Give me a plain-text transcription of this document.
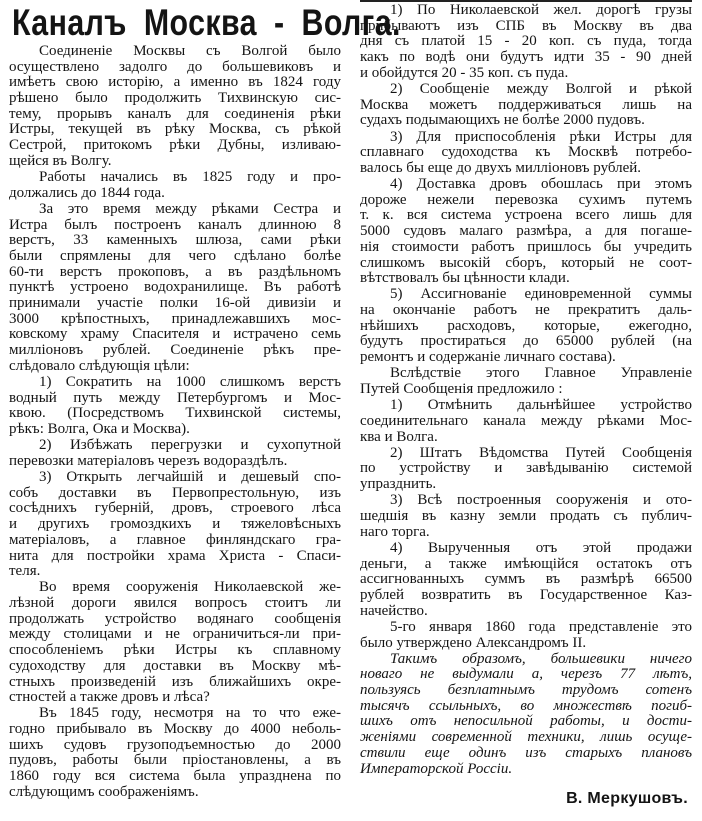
Каналъ Москва - Волга.
Соединеніе Москвы съ Волгой было
осуществлено задолго до большевиковъ и
имѣетъ свою исторію, а именно въ 1824 году
рѣшено было продолжить Тихвинскую сис-
тему, прорывъ каналъ для соединенія рѣки
Истры, текущей въ рѣку Москва, съ рѣкой
Сестрой, притокомъ рѣки Дубны, изливаю-
щейся въ Волгу.
Работы начались въ 1825 году и про-
должались до 1844 года.
За это время между рѣками Сестра и
Истра былъ построенъ каналъ длинною 8
верстъ, 33 каменныхъ шлюза, сами рѣки
были спрямлены для чего сдѣлано болѣе
60-ти верстъ прокоповъ, а въ раздѣльномъ
пунктѣ устроено водохранилище. Въ работѣ
принимали участіе полки 16-ой дивизіи и
3000 крѣпостныхъ, принадлежавшихъ мос-
ковскому храму Спасителя и истрачено семь
милліоновъ рублей. Соединеніе рѣкъ пре-
слѣдовало слѣдующія цѣли:
1) Сократить на 1000 слишкомъ верстъ
водный путь между Петербургомъ и Мос-
квою. (Посредствомъ Тихвинской системы,
рѣкъ: Волга, Ока и Москва).
2) Избѣжать перегрузки и сухопутной
перевозки матеріаловъ черезъ водораздѣлъ.
3) Открыть легчайшій и дешевый спо-
собъ доставки въ Первопрестольную, изъ
сосѣднихъ губерній, дровъ, строевого лѣса
и другихъ громоздкихъ и тяжеловѣсныхъ
матеріаловъ, а главное финляндскаго гра-
нита для постройки храма Христа - Спаси-
теля.
Во время сооруженія Николаевской же-
лѣзной дороги явился вопросъ стоитъ ли
продолжать устройство водянаго сообщенія
между столицами и не ограничиться-ли при-
способленіемъ рѣки Истры къ сплавному
судоходству для доставки въ Москву мѣ-
стныхъ произведеній изъ ближайшихъ окре-
стностей а также дровъ и лѣса?
Въ 1845 году, несмотря на то что еже-
годно прибывало въ Москву до 4000 неболь-
шихъ судовъ грузоподъемностью до 2000
пудовъ, работы были пріостановлены, а въ
1860 году вся система была упразднена по
слѣдующимъ соображеніямъ.
1) По Николаевской жел. дорогѣ грузы
прибываютъ изъ СПБ въ Москву въ два
дня съ платой 15 - 20 коп. съ пуда, тогда
какъ по водѣ они будутъ идти 35 - 90 дней
и обойдутся 20 - 35 коп. съ пуда.
2) Сообщеніе между Волгой и рѣкой
Москва можетъ поддерживаться лишь на
судахъ подымающихъ не болѣе 2000 пудовъ.
3) Для приспособленія рѣки Истры для
сплавнаго судоходства къ Москвѣ потребо-
валось бы еще до двухъ милліоновъ рублей.
4) Доставка дровъ обошлась при этомъ
дороже нежели перевозка сухимъ путемъ
т. к. вся система устроена всего лишь для
5000 судовъ малаго размѣра, а для погаше-
нія стоимости работъ пришлось бы учредить
слишкомъ высокій сборъ, который не соот-
вѣтствовалъ бы цѣнности клади.
5) Ассигнованіе единовременной суммы
на окончаніе работъ не прекратитъ даль-
нѣйшихъ расходовъ, которые, ежегодно,
будутъ простираться до 65000 рублей (на
ремонтъ и содержаніе личнаго состава).
Вслѣдствіе этого Главное Управленіе
Путей Сообщенія предложило :
1) Отмѣнить дальнѣйшее устройство
соединительнаго канала между рѣками Мос-
ква и Волга.
2) Штатъ Вѣдомства Путей Сообщенія
по устройству и завѣдыванію системой
упразднить.
3) Всѣ построенныя сооруженія и ото-
шедшія въ казну земли продать съ публич-
наго торга.
4) Вырученныя отъ этой продажи
деньги, а также имѣющійся остатокъ отъ
ассигнованныхъ суммъ въ размѣрѣ 66500
рублей возвратить въ Государственное Каз-
начейство.
5-го января 1860 года представленіе это
было утверждено Александромъ II.
Такимъ образомъ, большевики ничего
новаго не выдумали а, черезъ 77 лѣтъ,
пользуясь безплатнымъ трудомъ сотенъ
тысячъ ссыльныхъ, во множествѣ погиб-
шихъ отъ непосильной работы, и дости-
женіями современной техники, лишь осуще-
ствили еще одинъ изъ старыхъ плановъ
Императорской Россіи.
В. Меркушовъ.
